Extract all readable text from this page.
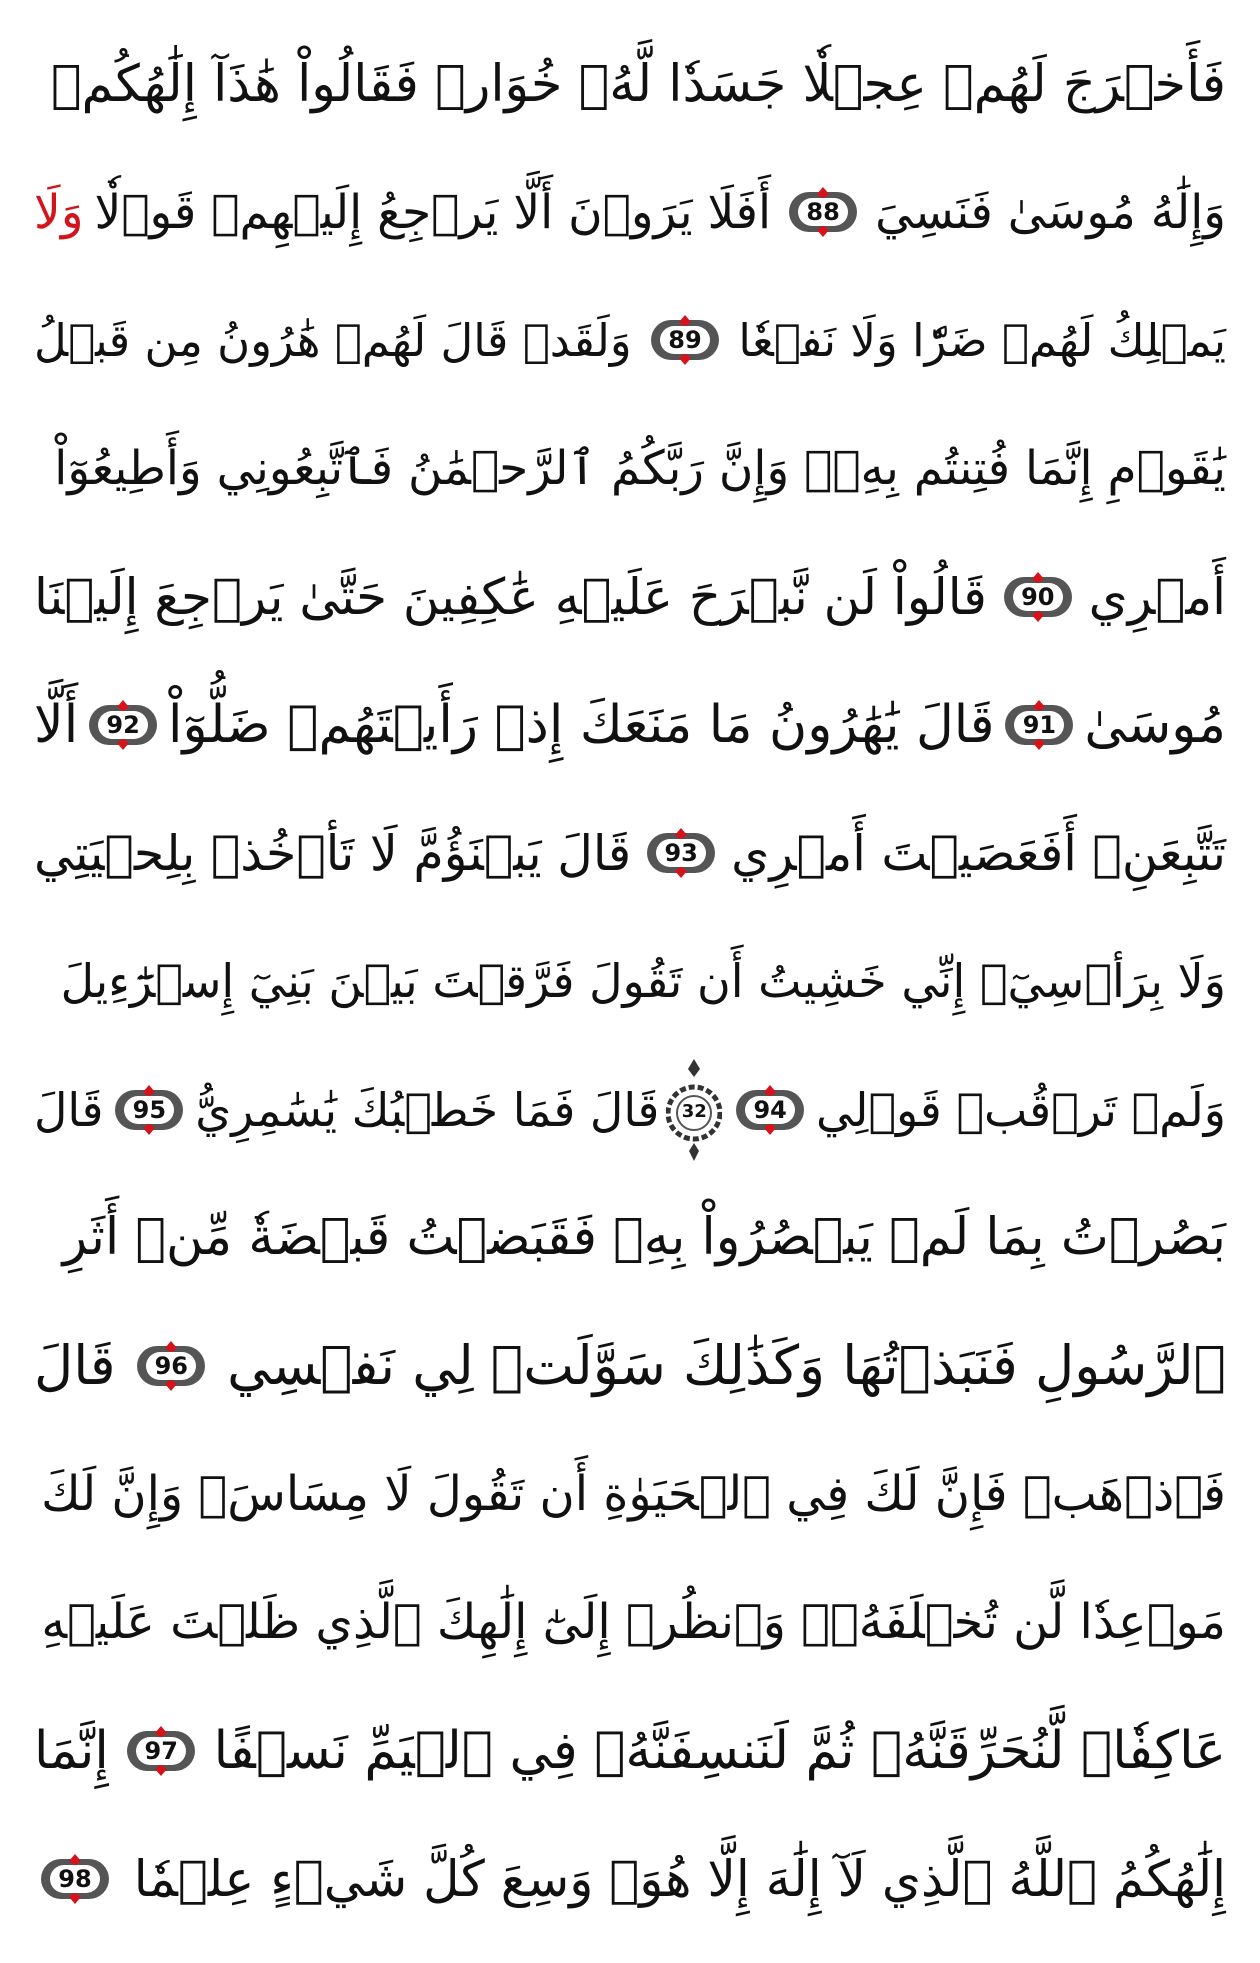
فَأَخۡرَجَ لَهُمۡ عِجۡلٗا جَسَدٗا لَّهُۥ خُوَارٞ فَقَالُواْ هَٰذَآ إِلَٰهُكُمۡ
وَإِلَٰهُ مُوسَىٰ فَنَسِيَ
88
أَفَلَا يَرَوۡنَ أَلَّا يَرۡجِعُ إِلَيۡهِمۡ قَوۡلٗا
وَلَا
يَمۡلِكُ لَهُمۡ ضَرّٗا وَلَا نَفۡعٗا
89
وَلَقَدۡ قَالَ لَهُمۡ هَٰرُونُ مِن قَبۡلُ
يَٰقَوۡمِ إِنَّمَا فُتِنتُم بِهِۦۖ وَإِنَّ رَبَّكُمُ ٱلرَّحۡمَٰنُ فَٱتَّبِعُونِي وَأَطِيعُوٓاْ
أَمۡرِي
90
قَالُواْ لَن نَّبۡرَحَ عَلَيۡهِ عَٰكِفِينَ حَتَّىٰ يَرۡجِعَ إِلَيۡنَا
مُوسَىٰ
91
قَالَ يَٰهَٰرُونُ مَا مَنَعَكَ إِذۡ رَأَيۡتَهُمۡ ضَلُّوٓاْ
92
أَلَّا
تَتَّبِعَنِۖ أَفَعَصَيۡتَ أَمۡرِي
93
قَالَ يَبۡنَؤُمَّ لَا تَأۡخُذۡ بِلِحۡيَتِي
وَلَا بِرَأۡسِيٓۖ إِنِّي خَشِيتُ أَن تَقُولَ فَرَّقۡتَ بَيۡنَ بَنِيٓ إِسۡرَٰٓءِيلَ
وَلَمۡ تَرۡقُبۡ قَوۡلِي
94
32
قَالَ فَمَا خَطۡبُكَ يَٰسَٰمِرِيُّ
95
قَالَ
بَصُرۡتُ بِمَا لَمۡ يَبۡصُرُواْ بِهِۦ فَقَبَضۡتُ قَبۡضَةٗ مِّنۡ أَثَرِ
ٱلرَّسُولِ فَنَبَذۡتُهَا وَكَذَٰلِكَ سَوَّلَتۡ لِي نَفۡسِي
96
قَالَ
فَٱذۡهَبۡ فَإِنَّ لَكَ فِي ٱلۡحَيَوٰةِ أَن تَقُولَ لَا مِسَاسَۖ وَإِنَّ لَكَ
مَوۡعِدٗا لَّن تُخۡلَفَهُۥۖ وَٱنظُرۡ إِلَىٰٓ إِلَٰهِكَ ٱلَّذِي ظَلۡتَ عَلَيۡهِ
عَاكِفٗاۖ لَّنُحَرِّقَنَّهُۥ ثُمَّ لَنَنسِفَنَّهُۥ فِي ٱلۡيَمِّ نَسۡفًا
97
إِنَّمَا
إِلَٰهُكُمُ ٱللَّهُ ٱلَّذِي لَآ إِلَٰهَ إِلَّا هُوَۚ وَسِعَ كُلَّ شَيۡءٍ عِلۡمٗا
98
